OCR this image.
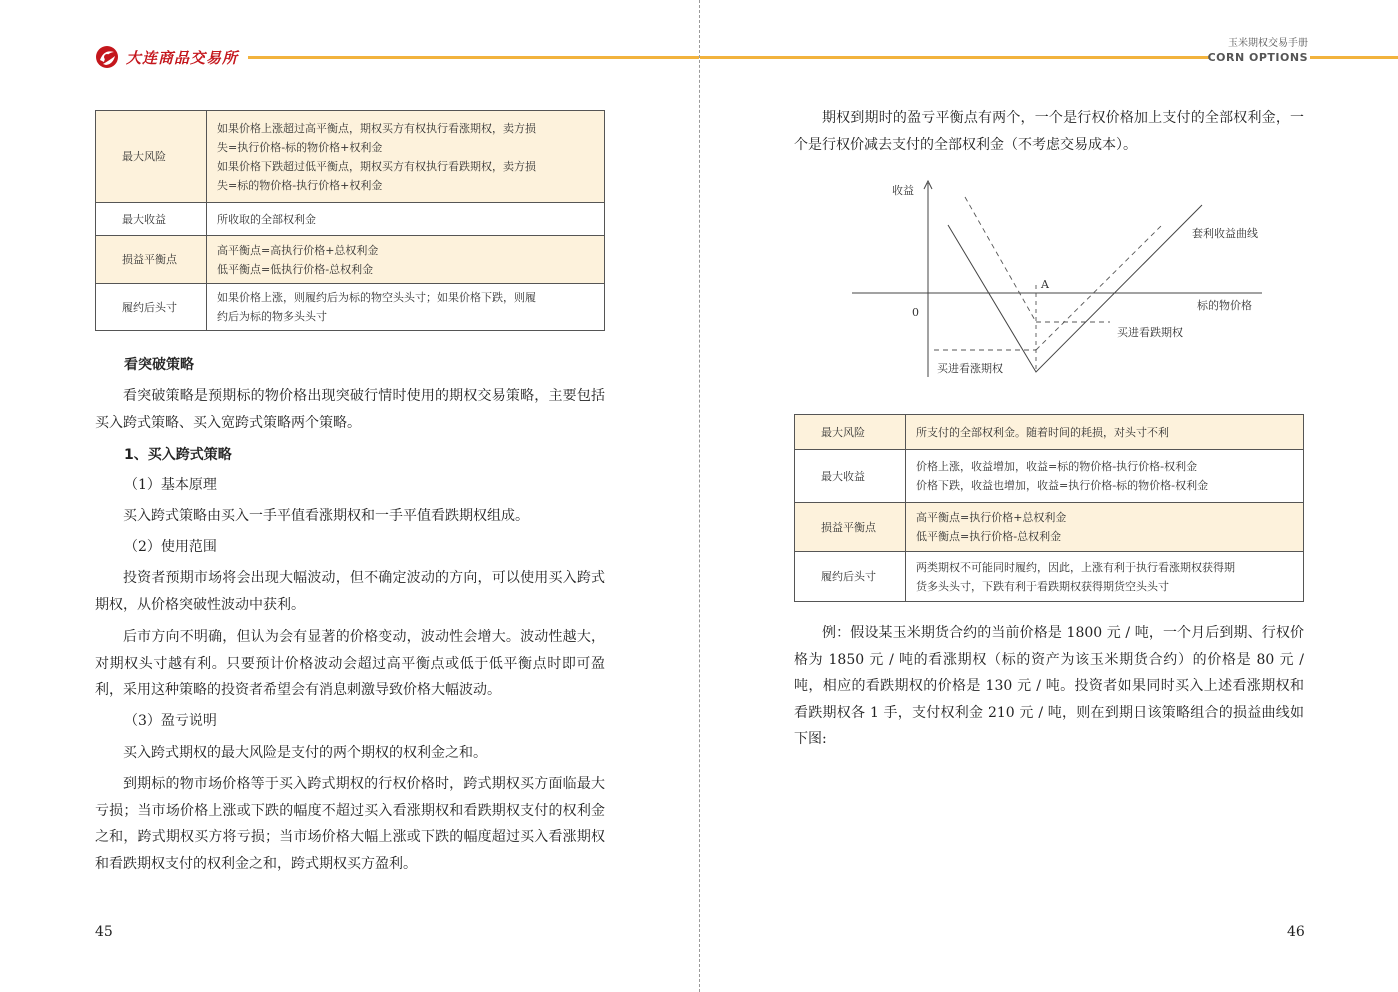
大连商品交易所
最大风险	如果价格上涨超过高平衡点，期权买方有权执行看涨期权，卖方损
失=执行价格-标的物价格+权利金
如果价格下跌超过低平衡点，期权买方有权执行看跌期权，卖方损
失=标的物价格-执行价格+权利金

最大收益	所收取的全部权利金

损益平衡点	高平衡点=高执行价格+总权利金
低平衡点=低执行价格-总权利金

履约后头寸	如果价格上涨，则履约后为标的物空头头寸；如果价格下跌，则履
约后为标的物多头头寸

看突破策略

看突破策略是预期标的物价格出现突破行情时使用的期权交易策略，主要包括买入跨式策略、买入宽跨式策略两个策略。

1、买入跨式策略

（1）基本原理

买入跨式策略由买入一手平值看涨期权和一手平值看跌期权组成。

（2）使用范围

投资者预期市场将会出现大幅波动，但不确定波动的方向，可以使用买入跨式期权，从价格突破性波动中获利。

后市方向不明确，但认为会有显著的价格变动，波动性会增大。波动性越大，对期权头寸越有利。只要预计价格波动会超过高平衡点或低于低平衡点时即可盈利，采用这种策略的投资者希望会有消息刺激导致价格大幅波动。

（3）盈亏说明

买入跨式期权的最大风险是支付的两个期权的权利金之和。

到期标的物市场价格等于买入跨式期权的行权价格时，跨式期权买方面临最大亏损；当市场价格上涨或下跌的幅度不超过买入看涨期权和看跌期权支付的权利金之和，跨式期权买方将亏损；当市场价格大幅上涨或下跌的幅度超过买入看涨期权和看跌期权支付的权利金之和，跨式期权买方盈利。

45
玉米期权交易手册
CORN OPTIONS

期权到期时的盈亏平衡点有两个，一个是行权价格加上支付的全部权利金，一个是行权价减去支付的全部权利金（不考虑交易成本）。

收益
0
A
套利收益曲线
标的物价格
买进看跌期权
买进看涨期权
最大风险	所支付的全部权利金。随着时间的耗损，对头寸不利

最大收益	价格上涨，收益增加，收益=标的物价格-执行价格-权利金
价格下跌，收益也增加，收益=执行价格-标的物价格-权利金

损益平衡点	高平衡点=执行价格+总权利金
低平衡点=执行价格-总权利金

履约后头寸	两类期权不可能同时履约，因此，上涨有利于执行看涨期权获得期
货多头头寸，下跌有利于看跌期权获得期货空头头寸

例：假设某玉米期货合约的当前价格是 1800 元 / 吨，一个月后到期、行权价格为 1850 元 / 吨的看涨期权（标的资产为该玉米期货合约）的价格是 80 元 / 吨，相应的看跌期权的价格是 130 元 / 吨。投资者如果同时买入上述看涨期权和看跌期权各 1 手，支付权利金 210 元 / 吨，则在到期日该策略组合的损益曲线如下图:

46
